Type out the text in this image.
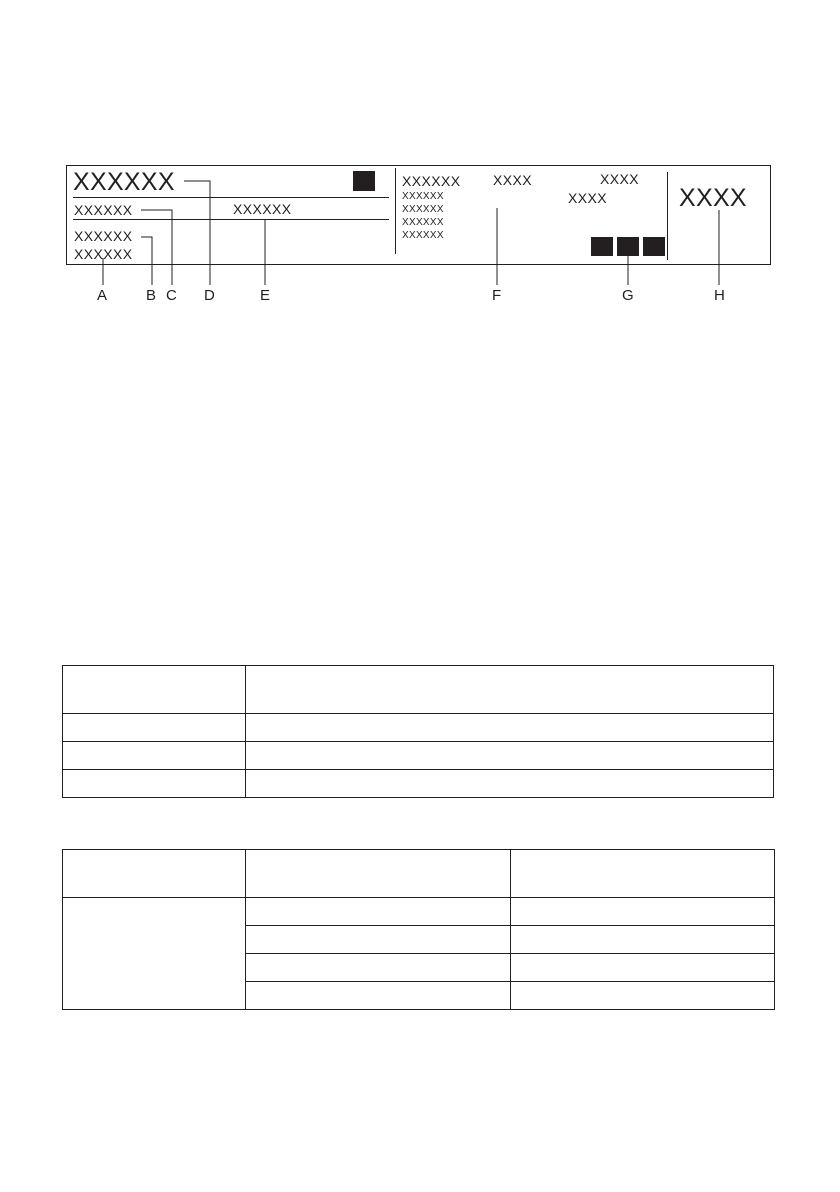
XXXXXX
XXXXXX	XXXXXX
XXXXXX
XXXXXX
XXXXXX XXXX	XXXX
XXXX
XXXXXX
XXXXXX
XXXXXX
XXXXXX
XXXX
A	B C D	E	F	G	H
